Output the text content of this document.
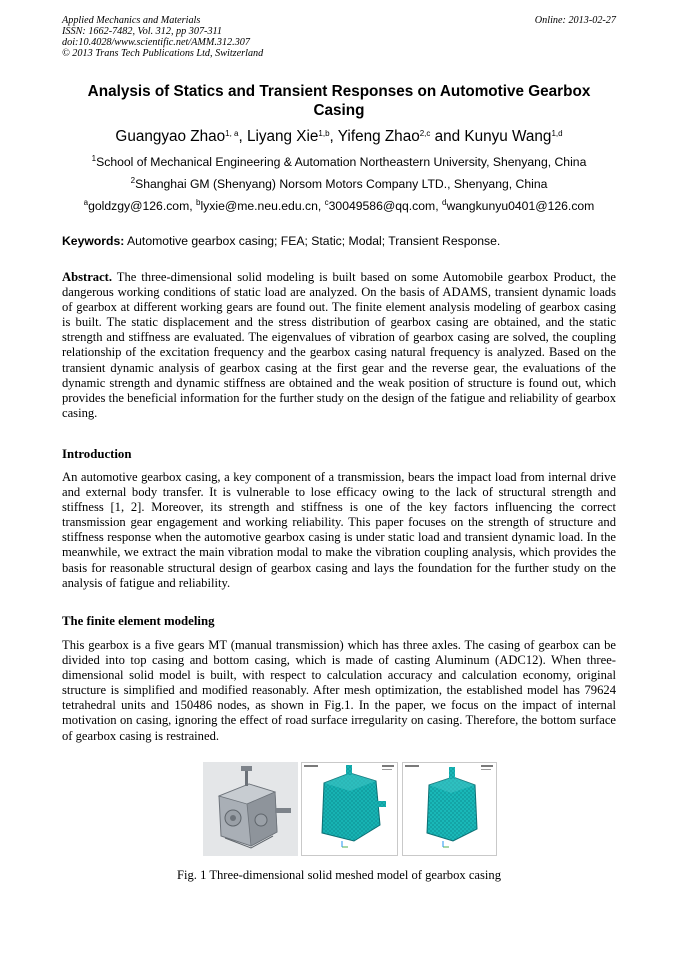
Applied Mechanics and Materials
ISSN: 1662-7482, Vol. 312, pp 307-311
doi:10.4028/www.scientific.net/AMM.312.307
© 2013 Trans Tech Publications Ltd, Switzerland
Online: 2013-02-27
Analysis of Statics and Transient Responses on Automotive Gearbox Casing
Guangyao Zhao$^{1, a}$, Liyang Xie$^{1,b}$, Yifeng Zhao$^{2,c}$ and Kunyu Wang$^{1,d}$
$^1$School of Mechanical Engineering & Automation Northeastern University, Shenyang, China
$^2$Shanghai GM (Shenyang) Norsom Motors Company LTD., Shenyang, China
$^a$goldzgy@126.com, $^b$lyxie@me.neu.edu.cn, $^c$30049586@qq.com, $^d$wangkunyu0401@126.com
Keywords: Automotive gearbox casing; FEA; Static; Modal; Transient Response.
Abstract. The three-dimensional solid modeling is built based on some Automobile gearbox Product, the dangerous working conditions of static load are analyzed. On the basis of ADAMS, transient dynamic loads of gearbox at different working gears are found out. The finite element analysis modeling of gearbox casing is built. The static displacement and the stress distribution of gearbox casing are obtained, and the static strength and stiffness are evaluated. The eigenvalues of vibration of gearbox casing are solved, the coupling relationship of the excitation frequency and the gearbox casing natural frequency is analyzed. Based on the transient dynamic analysis of gearbox casing at the first gear and the reverse gear, the evaluations of the dynamic strength and dynamic stiffness are obtained and the weak position of structure is found out, which provides the beneficial information for the further study on the design of the fatigue and reliability of gearbox casing.
Introduction
An automotive gearbox casing, a key component of a transmission, bears the impact load from internal drive and external body transfer. It is vulnerable to lose efficacy owing to the lack of structural strength and stiffness [1, 2]. Moreover, its strength and stiffness is one of the key factors influencing the correct transmission gear engagement and working reliability. This paper focuses on the strength of structure and stiffness response when the automotive gearbox casing is under static load and transient dynamic load. In the meanwhile, we extract the main vibration modal to make the vibration coupling analysis, which provides the basis for reasonable structural design of gearbox casing and lays the foundation for the further study on the analysis of fatigue and reliability.
The finite element modeling
This gearbox is a five gears MT (manual transmission) which has three axles. The casing of gearbox can be divided into top casing and bottom casing, which is made of casting Aluminum (ADC12). When three-dimensional solid model is built, with respect to calculation accuracy and calculation economy, original structure is simplified and modified reasonably. After mesh optimization, the established model has 79624 tetrahedral units and 150486 nodes, as shown in Fig.1. In the paper, we focus on the impact of internal motivation on casing, ignoring the effect of road surface irregularity on casing. Therefore, the bottom surface of gearbox casing is restrained.
Fig. 1 Three-dimensional solid meshed model of gearbox casing
